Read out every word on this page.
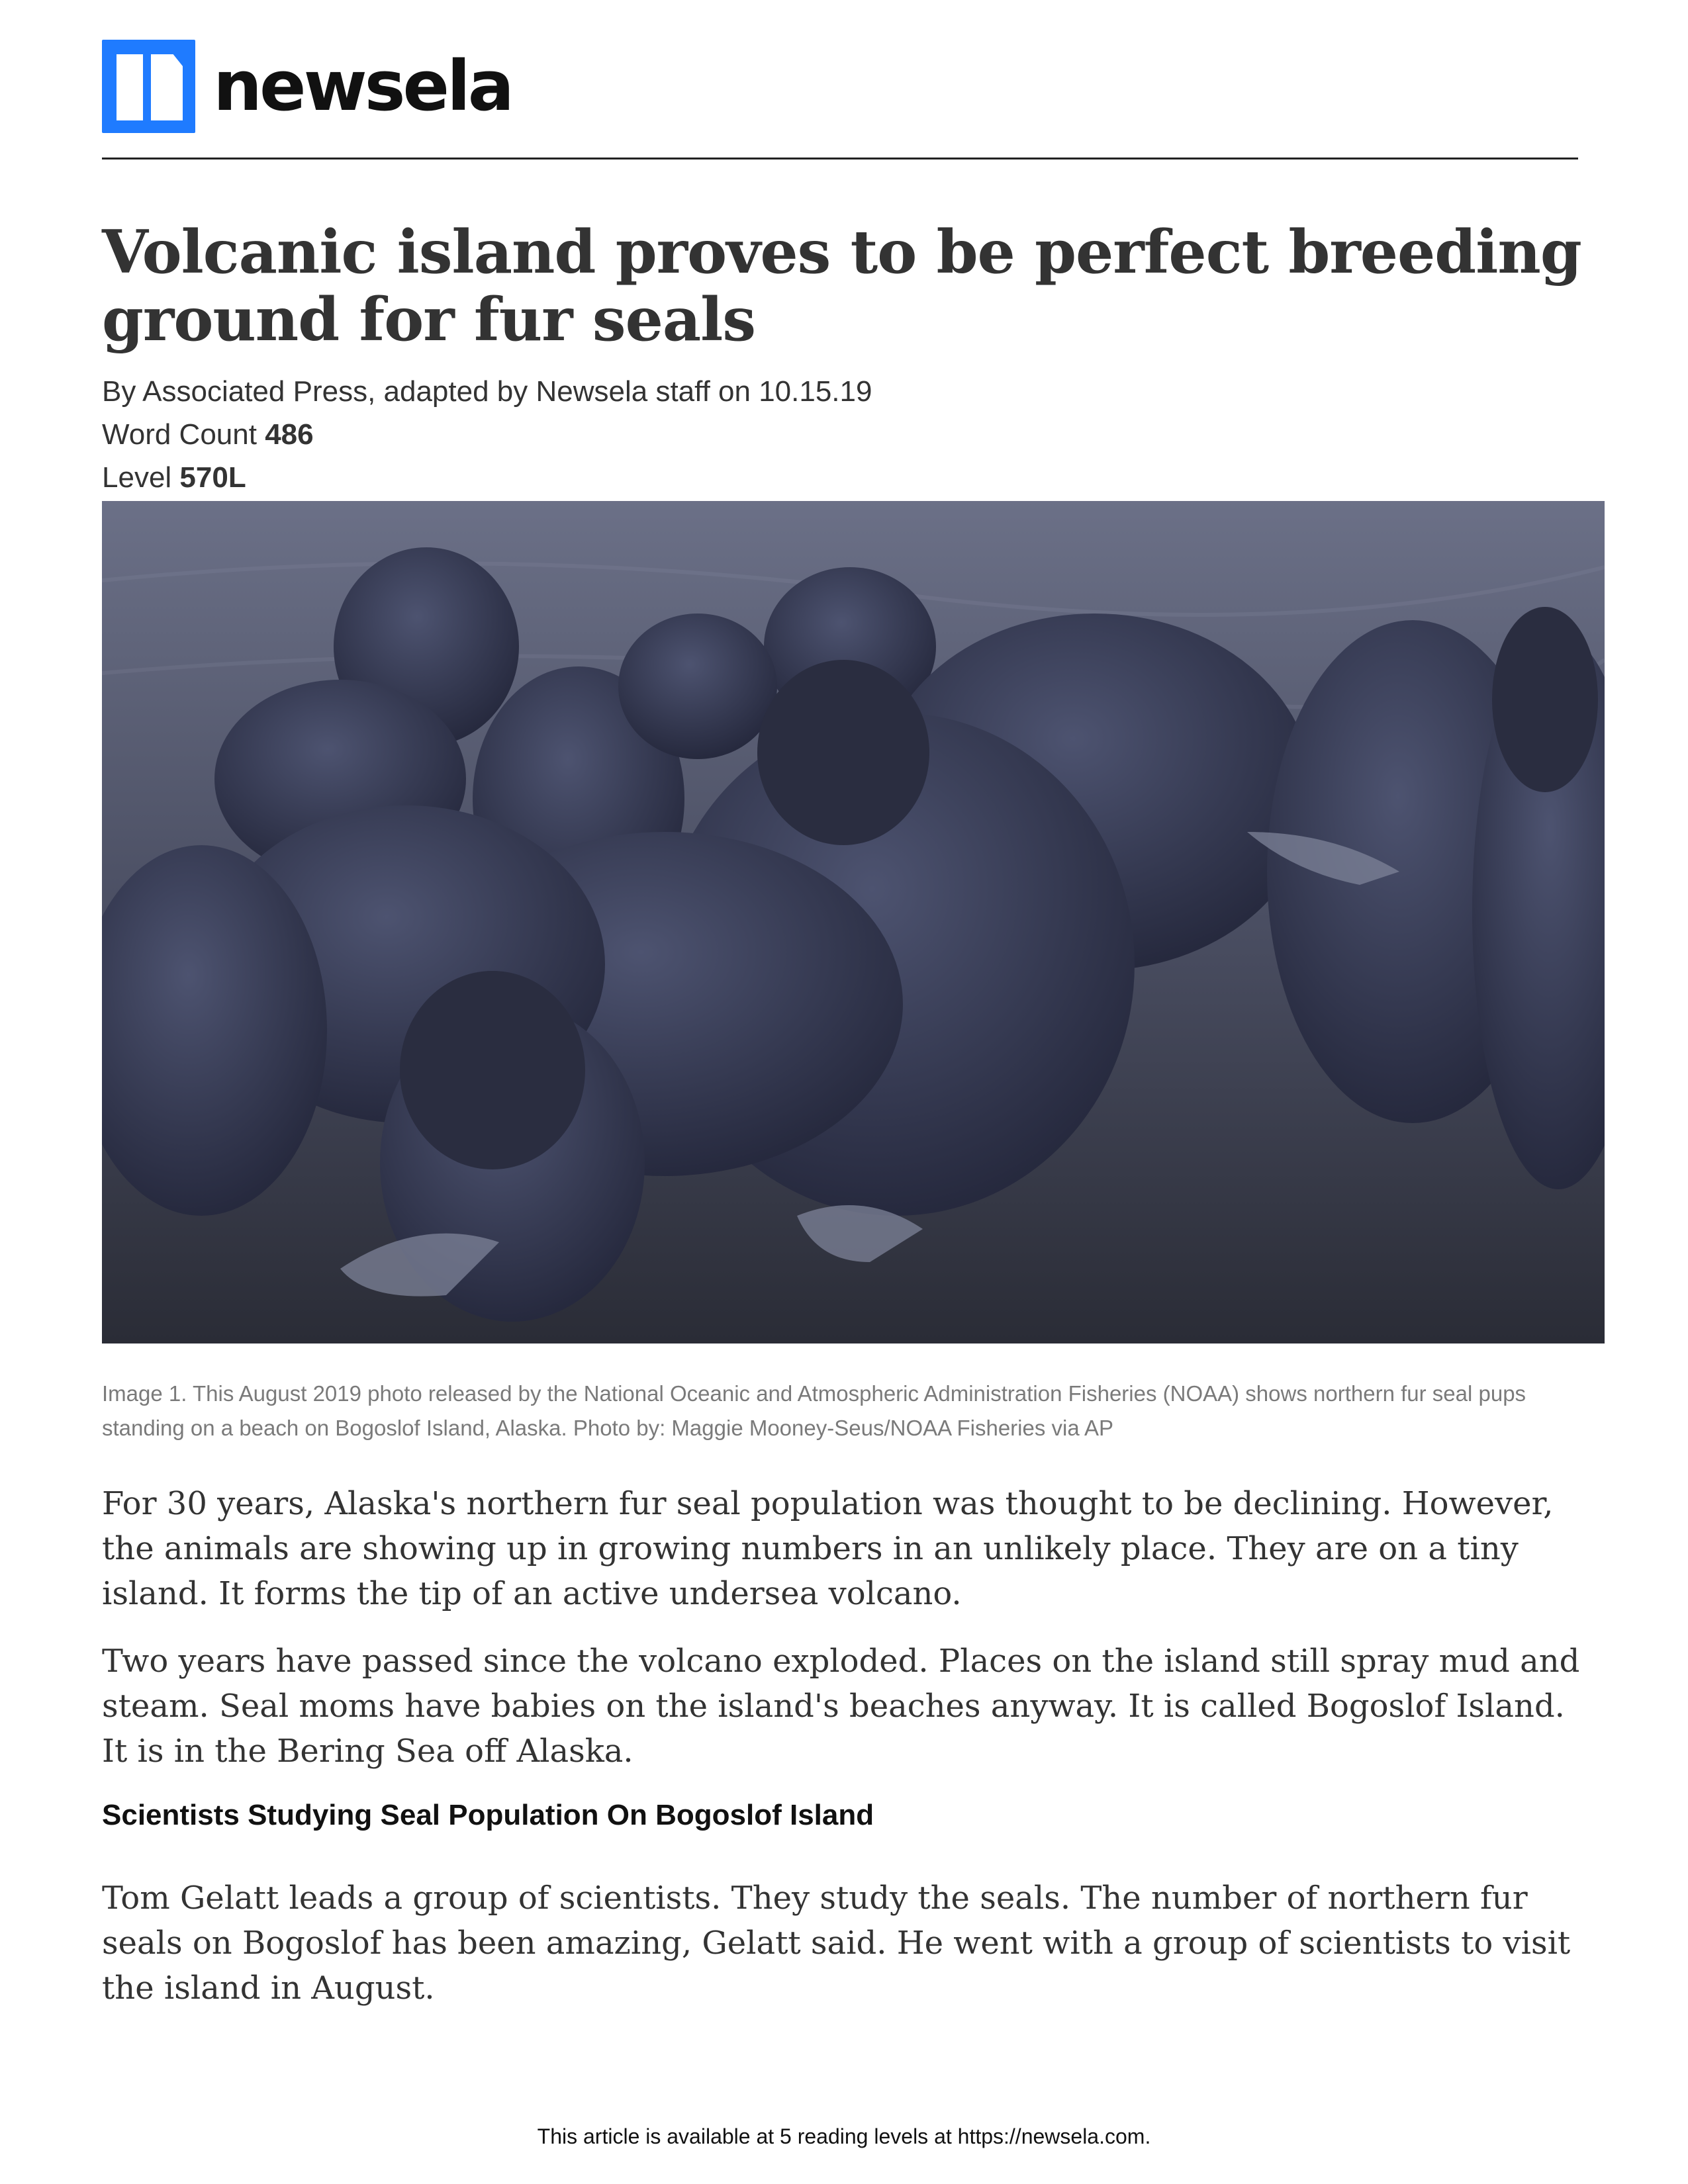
newsela
Volcanic island proves to be perfect breeding ground for fur seals
By Associated Press, adapted by Newsela staff on 10.15.19
Word Count 486
Level 570L
Image 1. This August 2019 photo released by the National Oceanic and Atmospheric Administration Fisheries (NOAA) shows northern fur seal pups standing on a beach on Bogoslof Island, Alaska. Photo by: Maggie Mooney-Seus/NOAA Fisheries via AP

For 30 years, Alaska's northern fur seal population was thought to be declining. However, the animals are showing up in growing numbers in an unlikely place. They are on a tiny island. It forms the tip of an active undersea volcano.

Two years have passed since the volcano exploded. Places on the island still spray mud and steam. Seal moms have babies on the island's beaches anyway. It is called Bogoslof Island. It is in the Bering Sea off Alaska.

Scientists Studying Seal Population On Bogoslof Island

Tom Gelatt leads a group of scientists. They study the seals. The number of northern fur seals on Bogoslof has been amazing, Gelatt said. He went with a group of scientists to visit the island in August.

This article is available at 5 reading levels at https://newsela.com.
